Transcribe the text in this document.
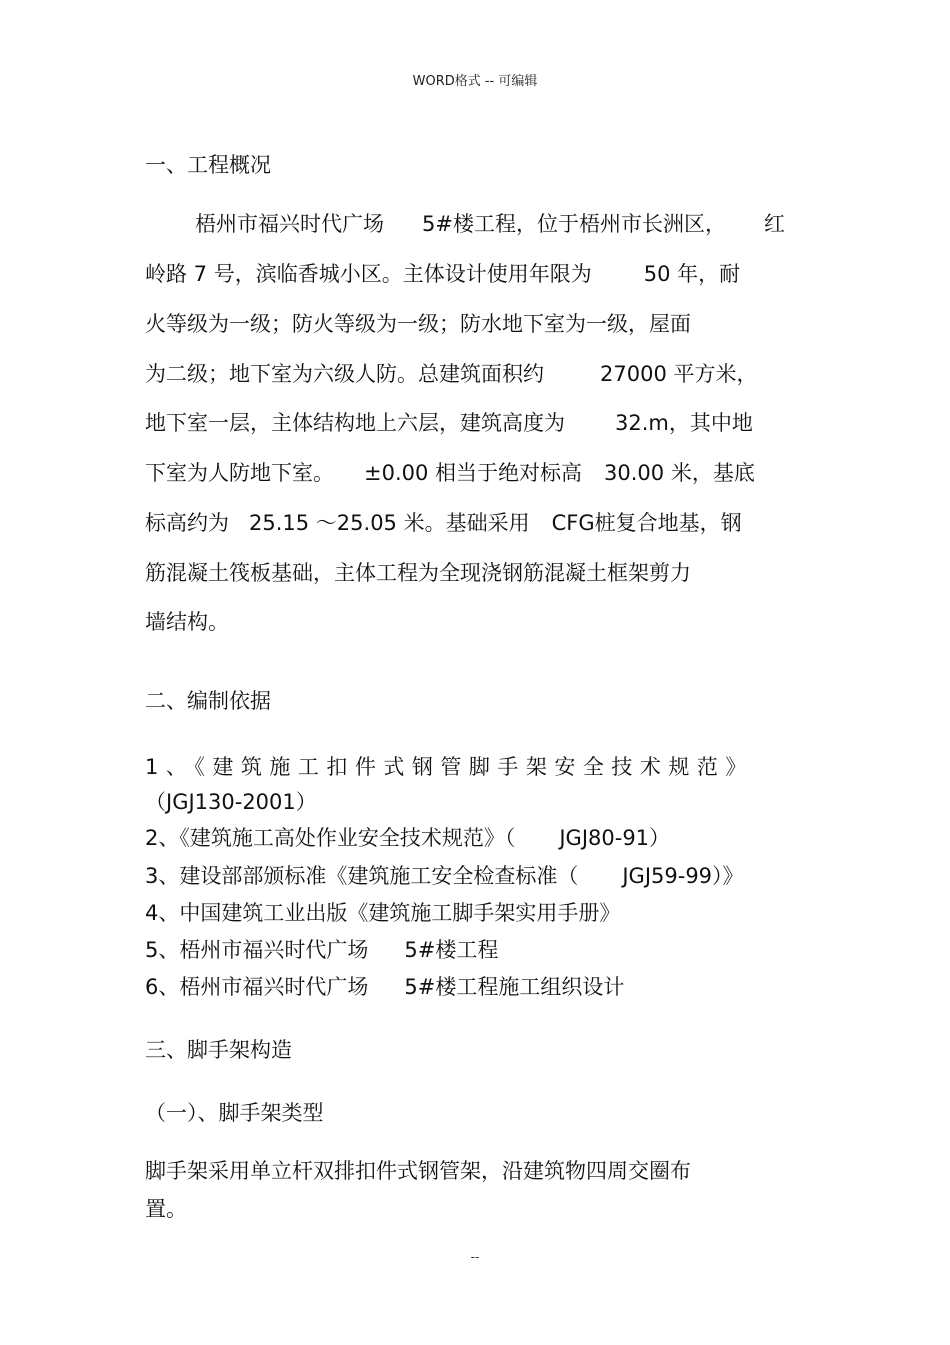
WORD格式 -- 可编辑
一、工程概况
梧州市福兴时代广场 5#楼工程，位于梧州市长洲区， 红
岭路 7 号，滨临香城小区。主体设计使用年限为 50 年，耐
火等级为一级；防火等级为一级；防水地下室为一级，屋面
为二级；地下室为六级人防。总建筑面积约	27000 平方米，
地下室一层，主体结构地上六层，建筑高度为 32.m，其中地
下室为人防地下室。 ±0.00 相当于绝对标高 30.00 米，基底
标高约为 25.15 ～25.05 米。基础采用 CFG桩复合地基，钢
筋混凝土筏板基础，主体工程为全现浇钢筋混凝土框架剪力
墙结构。
二、编制依据
1、《建筑施工扣件式钢管脚手架安全技术规范》
（JGJ130-2001）
2、《建筑施工高处作业安全技术规范》（ JGJ80-91）
3、建设部部颁标准《建筑施工安全检查标准（ JGJ59-99）》
4、中国建筑工业出版《建筑施工脚手架实用手册》
5、梧州市福兴时代广场 5#楼工程
6、梧州市福兴时代广场 5#楼工程施工组织设计
三、脚手架构造
（一）、脚手架类型
脚手架采用单立杆双排扣件式钢管架，沿建筑物四周交圈布
置。
--
